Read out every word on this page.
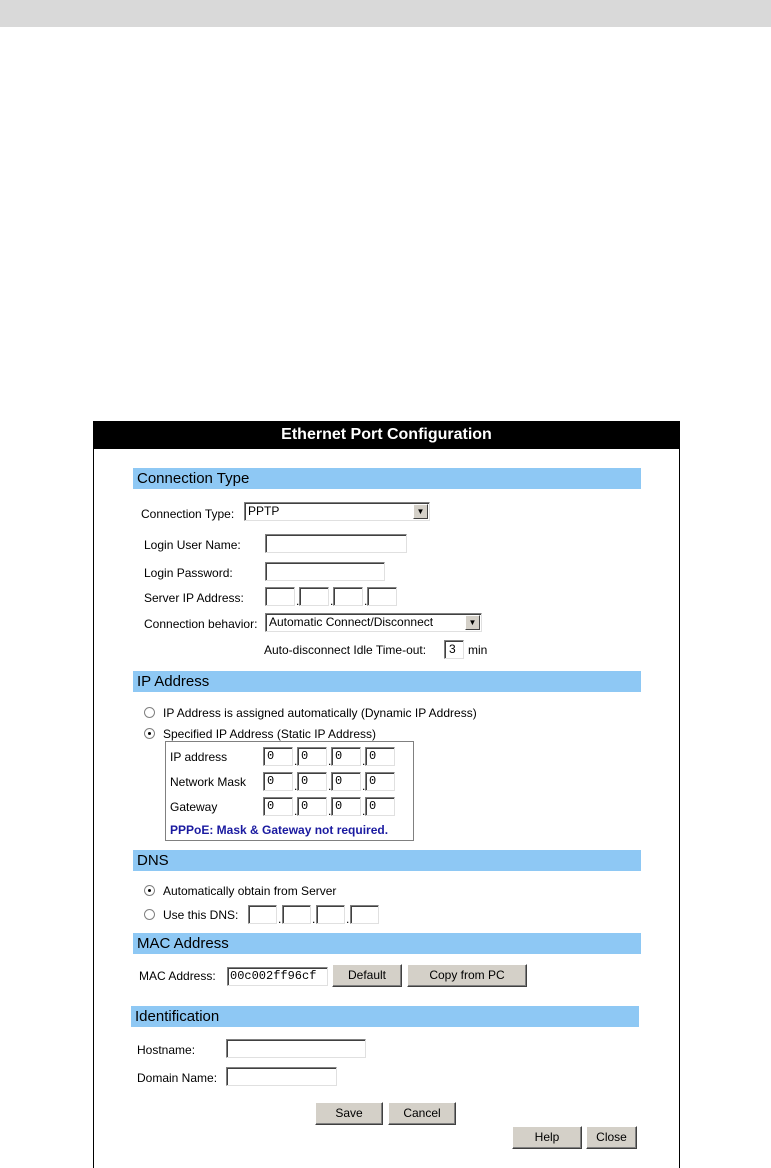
Ethernet Port Configuration
Connection Type
Connection Type: PPTP	▼
Login User Name:
Login Password:
Server IP Address:	.	.	.
Connection behavior: Automatic Connect/Disconnect	▼
Auto-disconnect Idle Time-out:	3	min
IP Address
IP Address is assigned automatically (Dynamic IP Address)
Specified IP Address (Static IP Address)
IP address	0	. 0	. 0	. 0
Network Mask	0	. 0	. 0	. 0
Gateway	0	. 0	. 0	. 0
PPPoE: Mask & Gateway not required.
DNS
Automatically obtain from Server
Use this DNS:	.	.	.
MAC Address
MAC Address: 00c002ff96cf	Default	Copy from PC
Identification
Hostname:
Domain Name:
Save	Cancel
Help	Close
